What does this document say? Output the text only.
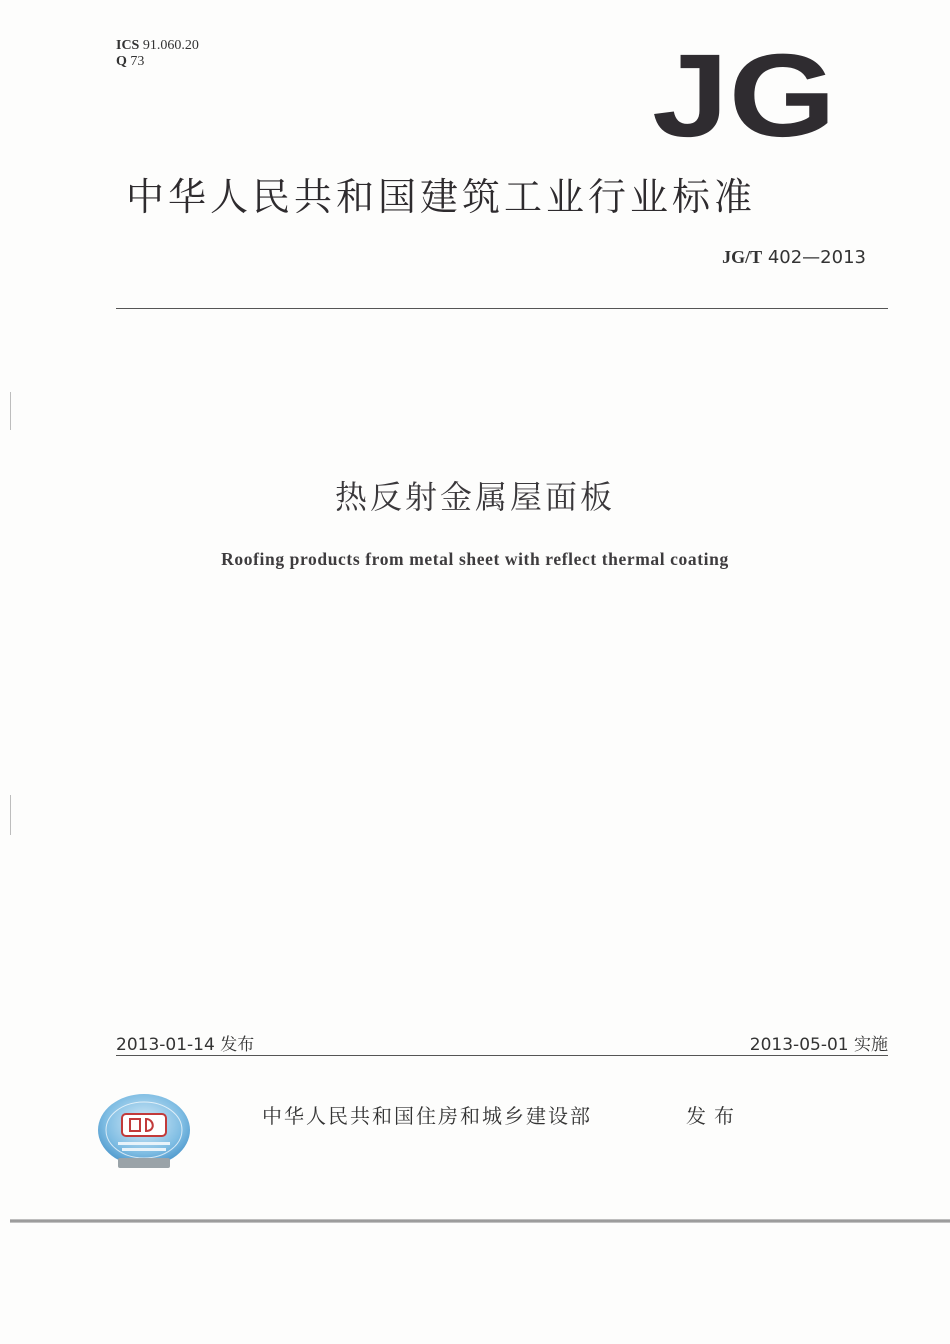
ICS 91.060.20
Q 73	JG
中华人民共和国建筑工业行业标准
JG/T 402—2013
热反射金属屋面板
Roofing products from metal sheet with reflect thermal coating
2013-01-14 发布	2013-05-01 实施
中华人民共和国住房和城乡建设部	发布
